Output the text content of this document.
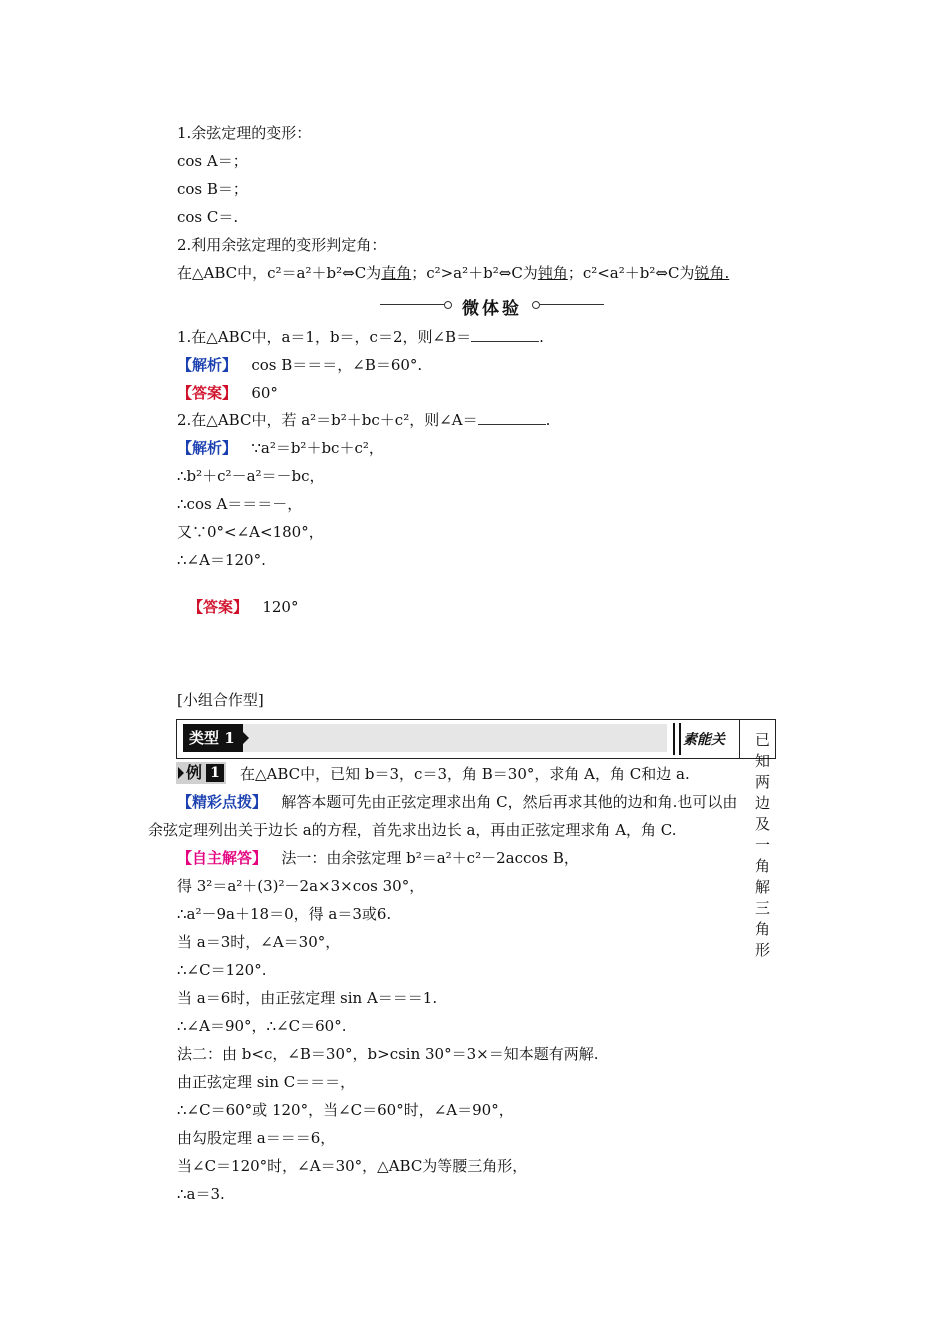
1.余弦定理的变形：
cos A＝；
cos B＝；
cos C＝.
2.利用余弦定理的变形判定角：
在△ABC中，c²＝a²＋b²⇔C为直角；c²>a²＋b²⇔C为钝角；c²<a²＋b²⇔C为锐角.
微体验
1.在△ABC中，a＝1，b＝，c＝2，则∠B＝	.
【解析】 cos B＝＝＝，∠B＝60°.
【答案】 60°
2.在△ABC中，若 a²＝b²＋bc＋c²，则∠A＝	.
【解析】 ∵a²＝b²＋bc＋c²，
∴b²＋c²－a²＝－bc，
∴cos A＝＝＝－，
又∵0°<∠A<180°，
∴∠A＝120°.
【答案】 120°
[小组合作型]
类型 1	素能关 已知两边及一角解三角形
例 1 在△ABC中，已知 b＝3，c＝3，角 B＝30°，求角 A，角 C和边 a.
【精彩点拨】 解答本题可先由正弦定理求出角 C，然后再求其他的边和角.也可以由
余弦定理列出关于边长 a的方程，首先求出边长 a，再由正弦定理求角 A，角 C.
【自主解答】 法一：由余弦定理 b²＝a²＋c²－2accos B，
得 3²＝a²＋(3)²－2a×3×cos 30°，
∴a²－9a＋18＝0，得 a＝3或6.
当 a＝3时，∠A＝30°，
∴∠C＝120°.
当 a＝6时，由正弦定理 sin A＝＝＝1.
∴∠A＝90°，∴∠C＝60°.
法二：由 b<c，∠B＝30°，b>csin 30°＝3×＝知本题有两解.
由正弦定理 sin C＝＝＝，
∴∠C＝60°或 120°，当∠C＝60°时，∠A＝90°，
由勾股定理 a＝＝＝6，
当∠C＝120°时，∠A＝30°，△ABC为等腰三角形，
∴a＝3.
